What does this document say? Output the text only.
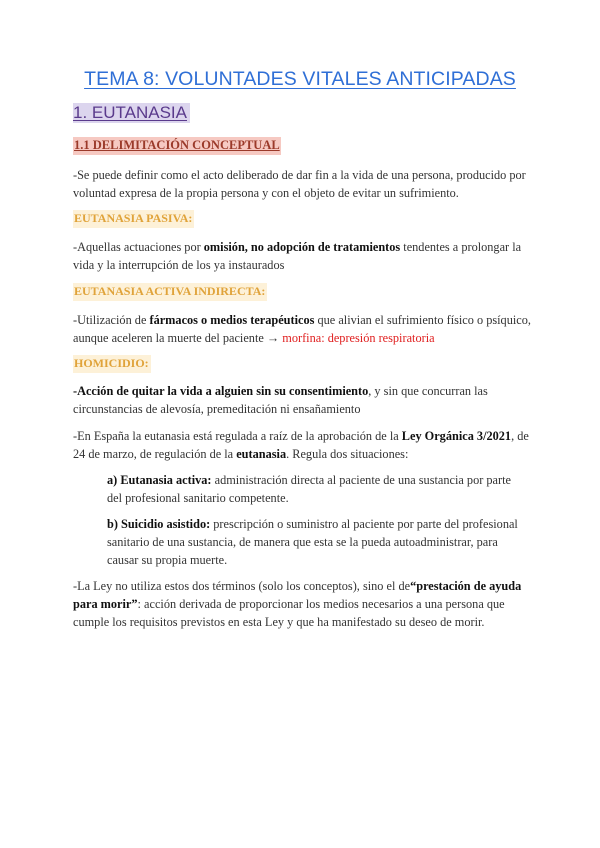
TEMA 8: VOLUNTADES VITALES ANTICIPADAS
1. EUTANASIA
1.1 DELIMITACIÓN CONCEPTUAL
-Se puede definir como el acto deliberado de dar fin a la vida de una persona, producido por voluntad expresa de la propia persona y con el objeto de evitar un sufrimiento.
EUTANASIA PASIVA:
-Aquellas actuaciones por omisión, no adopción de tratamientos tendentes a prolongar la vida y la interrupción de los ya instaurados
EUTANASIA ACTIVA INDIRECTA:
-Utilización de fármacos o medios terapéuticos que alivian el sufrimiento físico o psíquico, aunque aceleren la muerte del paciente → morfina: depresión respiratoria
HOMICIDIO:
-Acción de quitar la vida a alguien sin su consentimiento, y sin que concurran las circunstancias de alevosía, premeditación ni ensañamiento
-En España la eutanasia está regulada a raíz de la aprobación de la Ley Orgánica 3/2021, de 24 de marzo, de regulación de la eutanasia. Regula dos situaciones:
a) Eutanasia activa: administración directa al paciente de una sustancia por parte del profesional sanitario competente.
b) Suicidio asistido: prescripción o suministro al paciente por parte del profesional sanitario de una sustancia, de manera que esta se la pueda autoadministrar, para causar su propia muerte.
-La Ley no utiliza estos dos términos (solo los conceptos), sino el de“prestación de ayuda para morir”: acción derivada de proporcionar los medios necesarios a una persona que cumple los requisitos previstos en esta Ley y que ha manifestado su deseo de morir.
